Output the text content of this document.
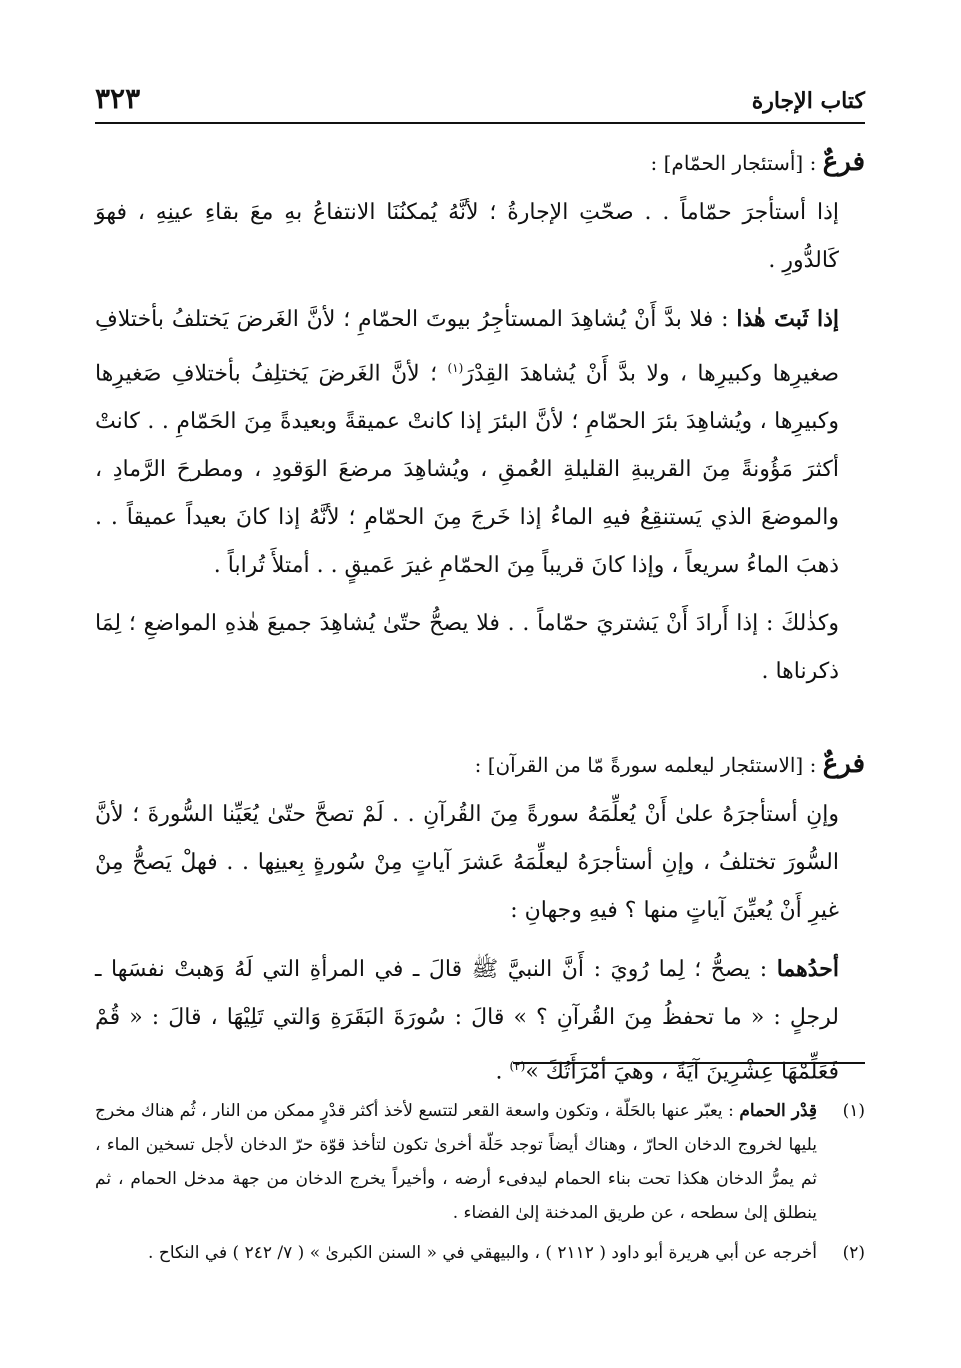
كتاب الإجارة
٣٢٣
فرعٌ : [أستئجار الحمّام] :

إذا أستأجرَ حمّاماً . . صحّتِ الإجارةُ ؛ لأنَّهُ يُمكنُنَا الانتفاعُ بهِ معَ بقاءِ عينِهِ ، فهوَ كَالدُّورِ .

إذا ثَبتَ هٰذا : فلا بدَّ أَنْ يُشاهِدَ المستأجِرُ بيوتَ الحمّامِ ؛ لأنَّ الغَرضَ يَختلفُ بأختلافِ صغيرِها وكبيرِها ، ولا بدَّ أَنْ يُشاهدَ القِدْرَ$^{(١)}$ ؛ لأنَّ الغَرضَ يَختلِفُ بأختلافِ صَغيرِها وكبيرِها ، ويُشاهِدَ بئرَ الحمّامِ ؛ لأنَّ البئرَ إذا كانتْ عميقةً وبعيدةً مِنَ الحَمّامِ . . كانتْ أكثرَ مَؤُونةً مِنَ القريبةِ القليلةِ العُمقِ ، ويُشاهِدَ مرضعَ الوَقودِ ، ومطرحَ الرَّمادِ ، والموضعَ الذي يَستنقِعُ فيهِ الماءُ إذا خَرجَ مِنَ الحمّامِ ؛ لأنَّهُ إذا كانَ بعيداً عميقاً . . ذهبَ الماءُ سريعاً ، وإذا كانَ قريباً مِنَ الحمّامِ غيرَ عَميقٍ . . أمتلأَ تُراباً .

وكذٰلكَ : إذا أَرادَ أَنْ يَشتريَ حمّاماً . . فلا يصحُّ حتّىٰ يُشاهِدَ جميعَ هٰذهِ المواضعِ ؛ لِمَا ذكرناها .

فرعٌ : [الاستئجار ليعلمه سورةً مّا من القرآن] :

وإنِ أستأجرَهُ علىٰ أَنْ يُعلِّمَهُ سورةً مِنَ القُرآنِ . . لَمْ تصحَّ حتّىٰ يُعَيِّنا السُّورةَ ؛ لأنَّ السُّورَ تختلفُ ، وإنِ أستأجرَهُ ليعلِّمَهُ عَشرَ آياتٍ مِنْ سُورةٍ بِعينِها . . فهلْ يَصحُّ مِنْ غيرِ أَنْ يُعيِّنَ آياتٍ منها ؟ فيهِ وجهانِ :

أحدُهما : يصحُّ ؛ لِما رُويَ : أَنَّ النبيَّ ﷺ قالَ ـ في المرأةِ التي لَهُ وَهبتْ نفسَها ـ لرجلٍ : « ما تحفظُ مِنَ القُرآنِ ؟ » قالَ : سُورَةَ البَقَرَةِ وَالتي تَلِيْهَا ، قالَ : « قُمْ فَعَلِّمْهَا عِشْرِينَ آيَةً ، وهيَ أمْرَأَتُكَ »$^{(٢)}$ .

(١)
قِدْر الحمام : يعبّر عنها بالحَلّة ، وتكون واسعة القعر لتتسع لأخذ أكثر قدْرٍ ممكن من النار ، ثُم هناك مخرج يليها لخروج الدخان الحارّ ، وهناك أيضاً توجد حَلّة أخرىٰ تكون لتأخذ قوّة حرّ الدخان لأجل تسخين الماء ، ثم يمرُّ الدخان هكذا تحت بناء الحمام ليدفىء أرضه ، وأخيراً يخرج الدخان من جهة مدخل الحمام ، ثم ينطلق إلىٰ سطحه ، عن طريق المدخنة إلىٰ الفضاء .
(٢)
أخرجه عن أبي هريرة أبو داود ( ٢١١٢ ) ، والبيهقي في « السنن الكبرىٰ » ( ٧/ ٢٤٢ ) في النكاح .
